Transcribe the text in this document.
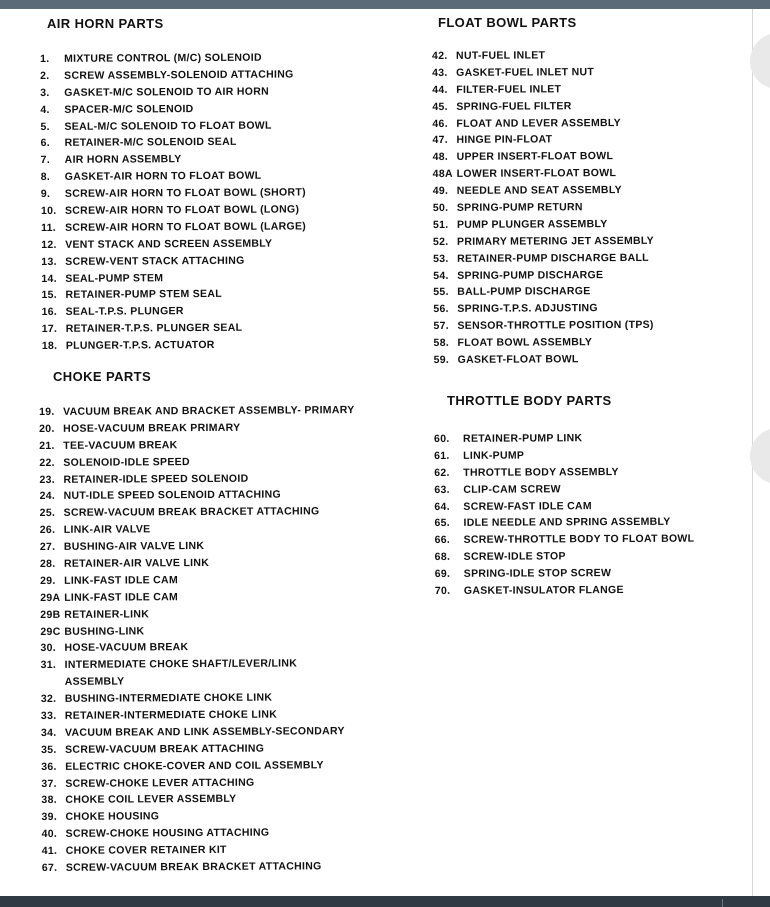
AIR HORN PARTS
1. MIXTURE CONTROL (M/C) SOLENOID
2. SCREW ASSEMBLY-SOLENOID ATTACHING
3. GASKET-M/C SOLENOID TO AIR HORN
4. SPACER-M/C SOLENOID
5. SEAL-M/C SOLENOID TO FLOAT BOWL
6. RETAINER-M/C SOLENOID SEAL
7. AIR HORN ASSEMBLY
8. GASKET-AIR HORN TO FLOAT BOWL
9. SCREW-AIR HORN TO FLOAT BOWL (SHORT)
10. SCREW-AIR HORN TO FLOAT BOWL (LONG)
11. SCREW-AIR HORN TO FLOAT BOWL (LARGE)
12. VENT STACK AND SCREEN ASSEMBLY
13. SCREW-VENT STACK ATTACHING
14. SEAL-PUMP STEM
15. RETAINER-PUMP STEM SEAL
16. SEAL-T.P.S. PLUNGER
17. RETAINER-T.P.S. PLUNGER SEAL
18. PLUNGER-T.P.S. ACTUATOR
CHOKE PARTS
19. VACUUM BREAK AND BRACKET ASSEMBLY- PRIMARY
20. HOSE-VACUUM BREAK PRIMARY
21. TEE-VACUUM BREAK
22. SOLENOID-IDLE SPEED
23. RETAINER-IDLE SPEED SOLENOID
24. NUT-IDLE SPEED SOLENOID ATTACHING
25. SCREW-VACUUM BREAK BRACKET ATTACHING
26. LINK-AIR VALVE
27. BUSHING-AIR VALVE LINK
28. RETAINER-AIR VALVE LINK
29. LINK-FAST IDLE CAM
29A LINK-FAST IDLE CAM
29B RETAINER-LINK
29C BUSHING-LINK
30. HOSE-VACUUM BREAK
31. INTERMEDIATE CHOKE SHAFT/LEVER/LINK
ASSEMBLY
32. BUSHING-INTERMEDIATE CHOKE LINK
33. RETAINER-INTERMEDIATE CHOKE LINK
34. VACUUM BREAK AND LINK ASSEMBLY-SECONDARY
35. SCREW-VACUUM BREAK ATTACHING
36. ELECTRIC CHOKE-COVER AND COIL ASSEMBLY
37. SCREW-CHOKE LEVER ATTACHING
38. CHOKE COIL LEVER ASSEMBLY
39. CHOKE HOUSING
40. SCREW-CHOKE HOUSING ATTACHING
41. CHOKE COVER RETAINER KIT
67. SCREW-VACUUM BREAK BRACKET ATTACHING
FLOAT BOWL PARTS
42. NUT-FUEL INLET
43. GASKET-FUEL INLET NUT
44. FILTER-FUEL INLET
45. SPRING-FUEL FILTER
46. FLOAT AND LEVER ASSEMBLY
47. HINGE PIN-FLOAT
48. UPPER INSERT-FLOAT BOWL
48A LOWER INSERT-FLOAT BOWL
49. NEEDLE AND SEAT ASSEMBLY
50. SPRING-PUMP RETURN
51. PUMP PLUNGER ASSEMBLY
52. PRIMARY METERING JET ASSEMBLY
53. RETAINER-PUMP DISCHARGE BALL
54. SPRING-PUMP DISCHARGE
55. BALL-PUMP DISCHARGE
56. SPRING-T.P.S. ADJUSTING
57. SENSOR-THROTTLE POSITION (TPS)
58. FLOAT BOWL ASSEMBLY
59. GASKET-FLOAT BOWL
THROTTLE BODY PARTS
60. RETAINER-PUMP LINK
61. LINK-PUMP
62. THROTTLE BODY ASSEMBLY
63. CLIP-CAM SCREW
64. SCREW-FAST IDLE CAM
65. IDLE NEEDLE AND SPRING ASSEMBLY
66. SCREW-THROTTLE BODY TO FLOAT BOWL
68. SCREW-IDLE STOP
69. SPRING-IDLE STOP SCREW
70. GASKET-INSULATOR FLANGE
